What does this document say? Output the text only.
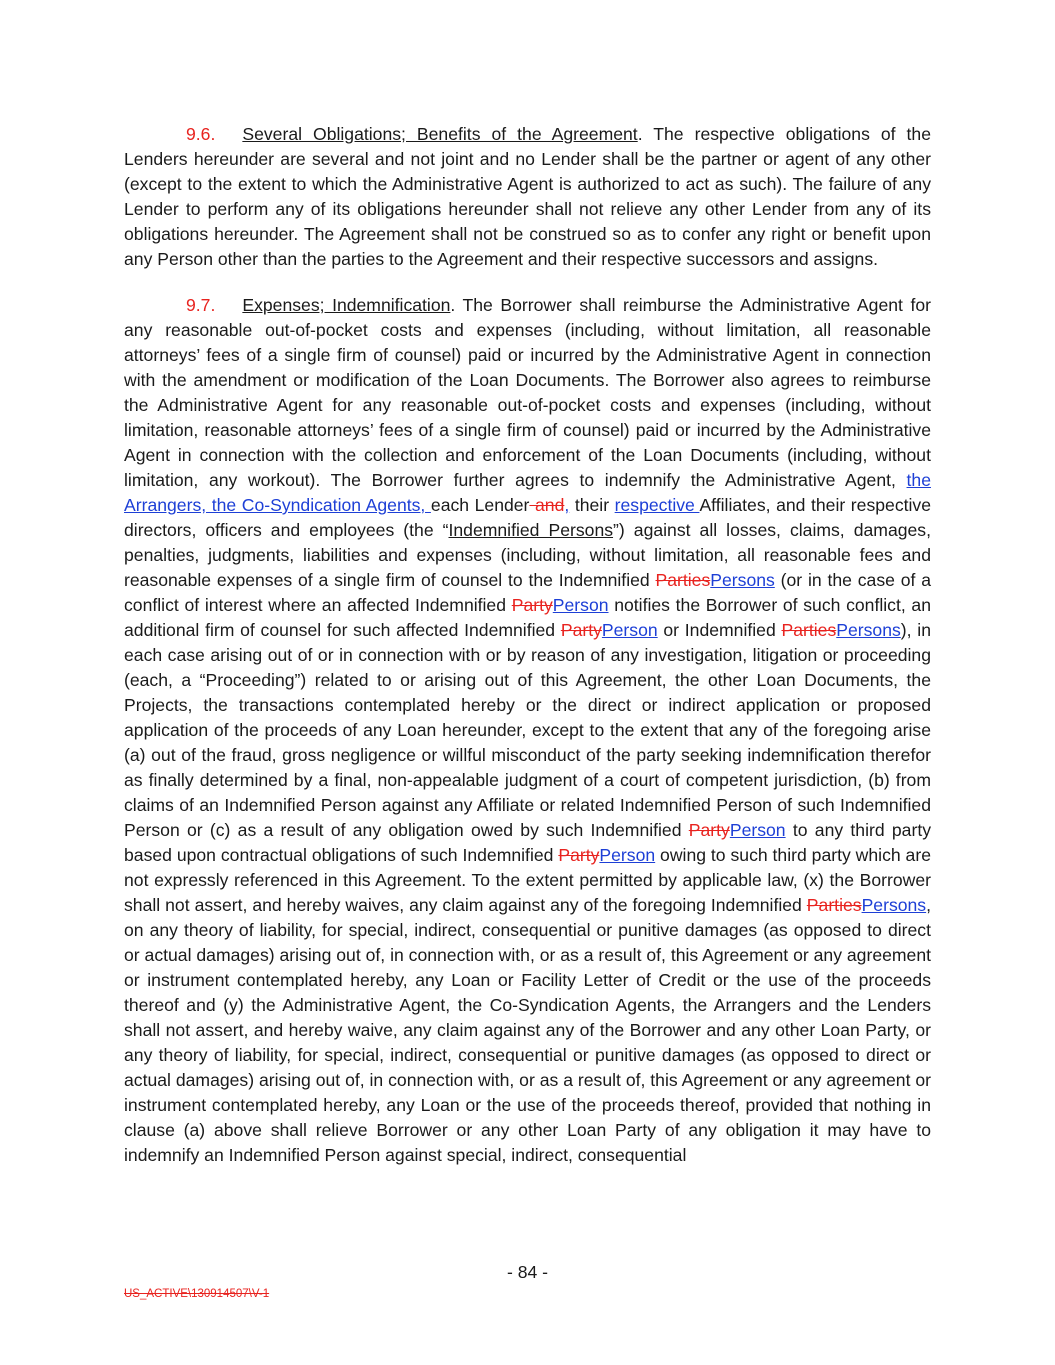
9.6. Several Obligations; Benefits of the Agreement. The respective obligations of the Lenders hereunder are several and not joint and no Lender shall be the partner or agent of any other (except to the extent to which the Administrative Agent is authorized to act as such). The failure of any Lender to perform any of its obligations hereunder shall not relieve any other Lender from any of its obligations hereunder. The Agreement shall not be construed so as to confer any right or benefit upon any Person other than the parties to the Agreement and their respective successors and assigns.

9.7. Expenses; Indemnification. The Borrower shall reimburse the Administrative Agent for any reasonable out-of-pocket costs and expenses (including, without limitation, all reasonable attorneys’ fees of a single firm of counsel) paid or incurred by the Administrative Agent in connection with the amendment or modification of the Loan Documents. The Borrower also agrees to reimburse the Administrative Agent for any reasonable out-of-pocket costs and expenses (including, without limitation, reasonable attorneys’ fees of a single firm of counsel) paid or incurred by the Administrative Agent in connection with the collection and enforcement of the Loan Documents (including, without limitation, any workout). The Borrower further agrees to indemnify the Administrative Agent, the Arrangers, the Co-Syndication Agents, each Lender and, their respective Affiliates, and their respective directors, officers and employees (the “Indemnified Persons”) against all losses, claims, damages, penalties, judgments, liabilities and expenses (including, without limitation, all reasonable fees and reasonable expenses of a single firm of counsel to the Indemnified PartiesPersons (or in the case of a conflict of interest where an affected Indemnified PartyPerson notifies the Borrower of such conflict, an additional firm of counsel for such affected Indemnified PartyPerson or Indemnified PartiesPersons), in each case arising out of or in connection with or by reason of any investigation, litigation or proceeding (each, a “Proceeding”) related to or arising out of this Agreement, the other Loan Documents, the Projects, the transactions contemplated hereby or the direct or indirect application or proposed application of the proceeds of any Loan hereunder, except to the extent that any of the foregoing arise (a) out of the fraud, gross negligence or willful misconduct of the party seeking indemnification therefor as finally determined by a final, non-appealable judgment of a court of competent jurisdiction, (b) from claims of an Indemnified Person against any Affiliate or related Indemnified Person of such Indemnified Person or (c) as a result of any obligation owed by such Indemnified PartyPerson to any third party based upon contractual obligations of such Indemnified PartyPerson owing to such third party which are not expressly referenced in this Agreement. To the extent permitted by applicable law, (x) the Borrower shall not assert, and hereby waives, any claim against any of the foregoing Indemnified PartiesPersons, on any theory of liability, for special, indirect, consequential or punitive damages (as opposed to direct or actual damages) arising out of, in connection with, or as a result of, this Agreement or any agreement or instrument contemplated hereby, any Loan or Facility Letter of Credit or the use of the proceeds thereof and (y) the Administrative Agent, the Co-Syndication Agents, the Arrangers and the Lenders shall not assert, and hereby waive, any claim against any of the Borrower and any other Loan Party, or any theory of liability, for special, indirect, consequential or punitive damages (as opposed to direct or actual damages) arising out of, in connection with, or as a result of, this Agreement or any agreement or instrument contemplated hereby, any Loan or the use of the proceeds thereof, provided that nothing in clause (a) above shall relieve Borrower or any other Loan Party of any obligation it may have to indemnify an Indemnified Person against special, indirect, consequential

- 84 -
US_ACTIVE\130914507\V-1
